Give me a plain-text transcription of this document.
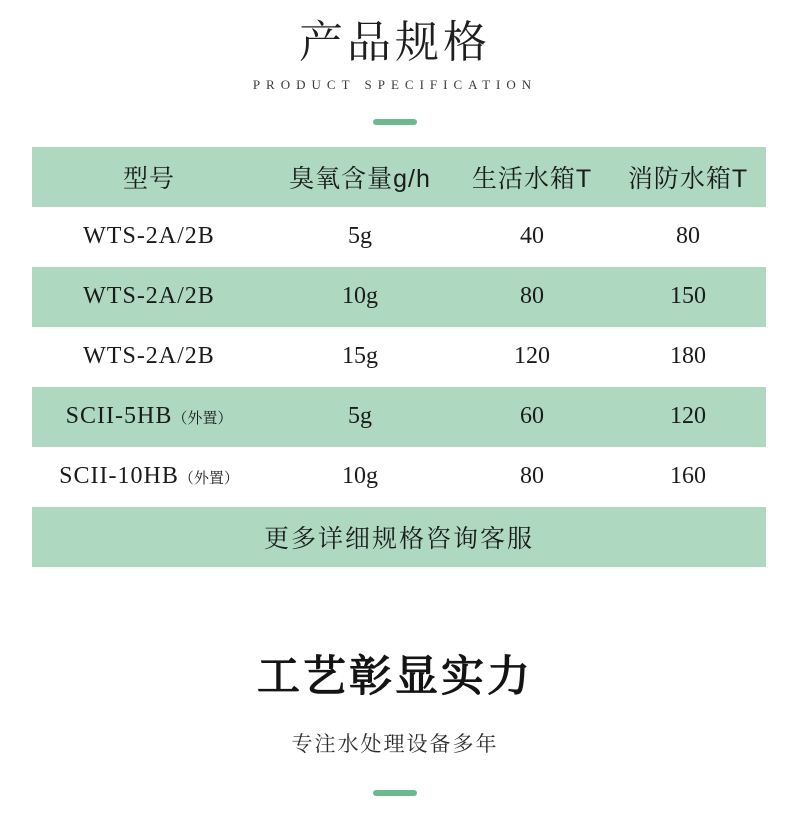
产品规格
PRODUCT SPECIFICATION
型号	臭氧含量g/h	生活水箱T	消防水箱T
WTS-2A/2B	5g	40	80
WTS-2A/2B	10g	80	150
WTS-2A/2B	15g	120	180
SCII-5HB（外置）	5g	60	120
SCII-10HB（外置）	10g	80	160
更多详细规格咨询客服			
工艺彰显实力
专注水处理设备多年
